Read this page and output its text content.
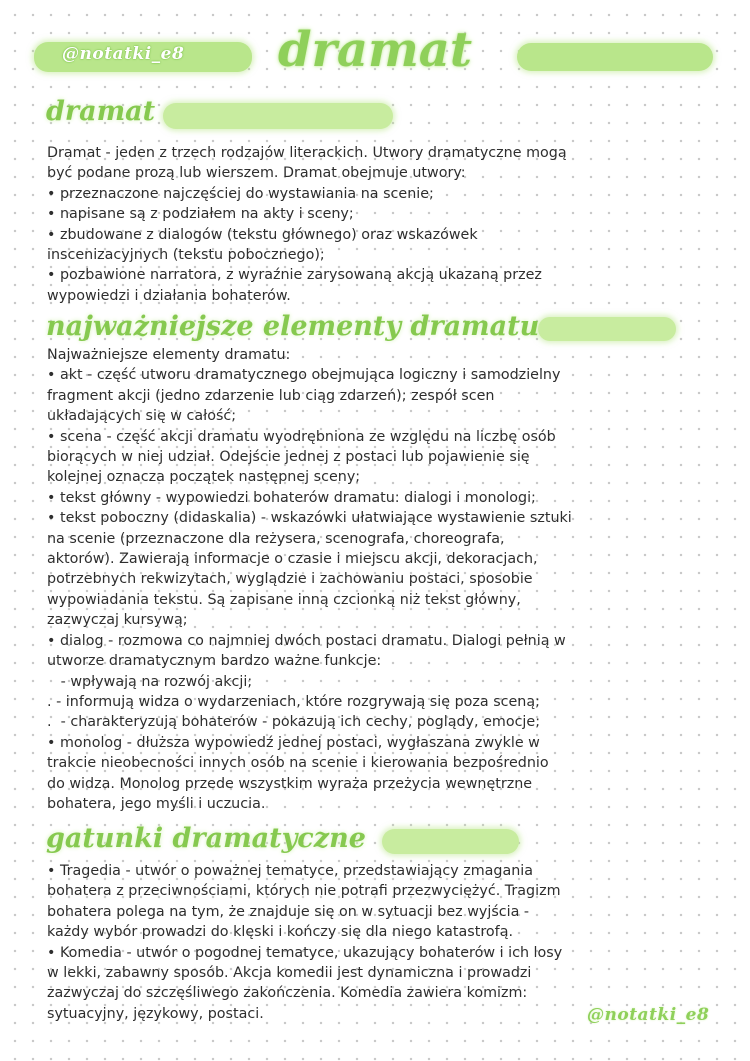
@notatki_e8	dramat
dramat
Dramat - jeden z trzech rodzajów literackich. Utwory dramatyczne mogą
być podane prozą lub wierszem. Dramat obejmuje utwory:
• przeznaczone najczęściej do wystawiania na scenie;
• napisane są z podziałem na akty i sceny;
• zbudowane z dialogów (tekstu głównego) oraz wskazówek
inscenizacyjnych (tekstu pobocznego);
• pozbawione narratora, z wyraźnie zarysowaną akcją ukazaną przez
wypowiedzi i działania bohaterów.
najważniejsze elementy dramatu
Najważniejsze elementy dramatu:
• akt - część utworu dramatycznego obejmująca logiczny i samodzielny
fragment akcji (jedno zdarzenie lub ciąg zdarzeń); zespół scen
układających się w całość;
• scena - część akcji dramatu wyodrębniona ze względu na liczbę osób
biorących w niej udział. Odejście jednej z postaci lub pojawienie się
kolejnej oznacza początek następnej sceny;
• tekst główny - wypowiedzi bohaterów dramatu: dialogi i monologi;
• tekst poboczny (didaskalia) - wskazówki ułatwiające wystawienie sztuki
na scenie (przeznaczone dla reżysera, scenografa, choreografa,
aktorów). Zawierają informacje o czasie i miejscu akcji, dekoracjach,
potrzebnych rekwizytach, wyglądzie i zachowaniu postaci, sposobie
wypowiadania tekstu. Są zapisane inną czcionką niż tekst główny,
zazwyczaj kursywą;
• dialog - rozmowa co najmniej dwóch postaci dramatu. Dialogi pełnią w
utworze dramatycznym bardzo ważne funkcje:
- wpływają na rozwój akcji;
. - informują widza o wydarzeniach, które rozgrywają się poza sceną;
.  - charakteryzują bohaterów - pokazują ich cechy, poglądy, emocje;
• monolog - dłuższa wypowiedź jednej postaci, wygłaszana zwykle w
trakcie nieobecności innych osób na scenie i kierowania bezpośrednio
do widza. Monolog przede wszystkim wyraża przeżycia wewnętrzne
bohatera, jego myśli i uczucia.
gatunki dramatyczne
• Tragedia - utwór o poważnej tematyce, przedstawiający zmagania
bohatera z przeciwnościami, których nie potrafi przezwyciężyć. Tragizm
bohatera polega na tym, że znajduje się on w sytuacji bez wyjścia -
każdy wybór prowadzi do klęski i kończy się dla niego katastrofą.
• Komedia - utwór o pogodnej tematyce, ukazujący bohaterów i ich losy
w lekki, zabawny sposób. Akcja komedii jest dynamiczna i prowadzi
zazwyczaj do szczęśliwego zakończenia. Komedia zawiera komizm:
sytuacyjny, językowy, postaci.	@notatki_e8
